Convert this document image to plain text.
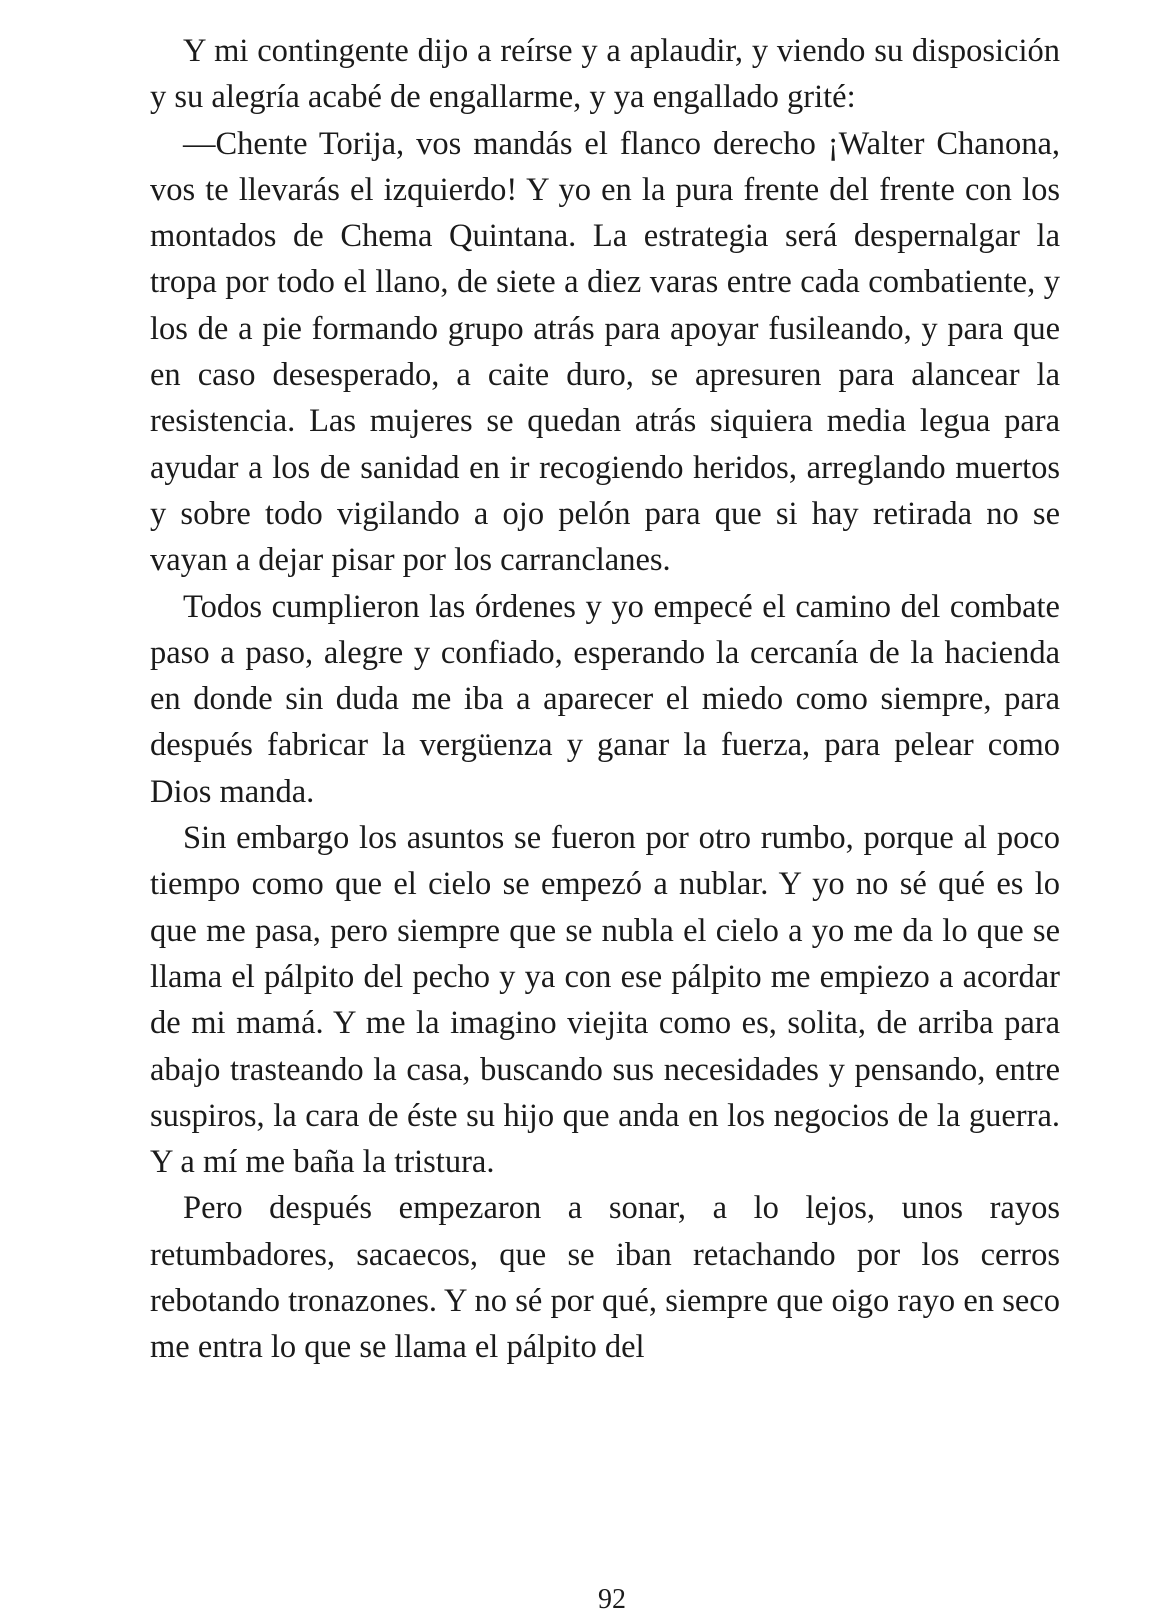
Y mi contingente dijo a reírse y a aplaudir, y viendo su disposición y su alegría acabé de engallarme, y ya engallado grité:

—Chente Torija, vos mandás el flanco derecho ¡Walter Chanona, vos te llevarás el izquierdo! Y yo en la pura frente del frente con los montados de Chema Quintana. La estrategia será despernalgar la tropa por todo el llano, de siete a diez varas entre cada combatiente, y los de a pie formando grupo atrás para apoyar fusileando, y para que en caso desesperado, a caite duro, se apresuren para alancear la resistencia. Las mujeres se quedan atrás siquiera media legua para ayudar a los de sanidad en ir recogiendo heridos, arreglando muertos y sobre todo vigilando a ojo pelón para que si hay retirada no se vayan a dejar pisar por los carranclanes.

Todos cumplieron las órdenes y yo empecé el camino del combate paso a paso, alegre y confiado, esperando la cercanía de la hacienda en donde sin duda me iba a aparecer el miedo como siempre, para después fabricar la vergüenza y ganar la fuerza, para pelear como Dios manda.

Sin embargo los asuntos se fueron por otro rumbo, porque al poco tiempo como que el cielo se empezó a nublar. Y yo no sé qué es lo que me pasa, pero siempre que se nubla el cielo a yo me da lo que se llama el pálpito del pecho y ya con ese pálpito me empiezo a acordar de mi mamá. Y me la imagino viejita como es, solita, de arriba para abajo trasteando la casa, buscando sus necesidades y pensando, entre suspiros, la cara de éste su hijo que anda en los negocios de la guerra. Y a mí me baña la tristura.

Pero después empezaron a sonar, a lo lejos, unos rayos retumbadores, sacaecos, que se iban retachando por los cerros rebotando tronazones. Y no sé por qué, siempre que oigo rayo en seco me entra lo que se llama el pálpito del

92
